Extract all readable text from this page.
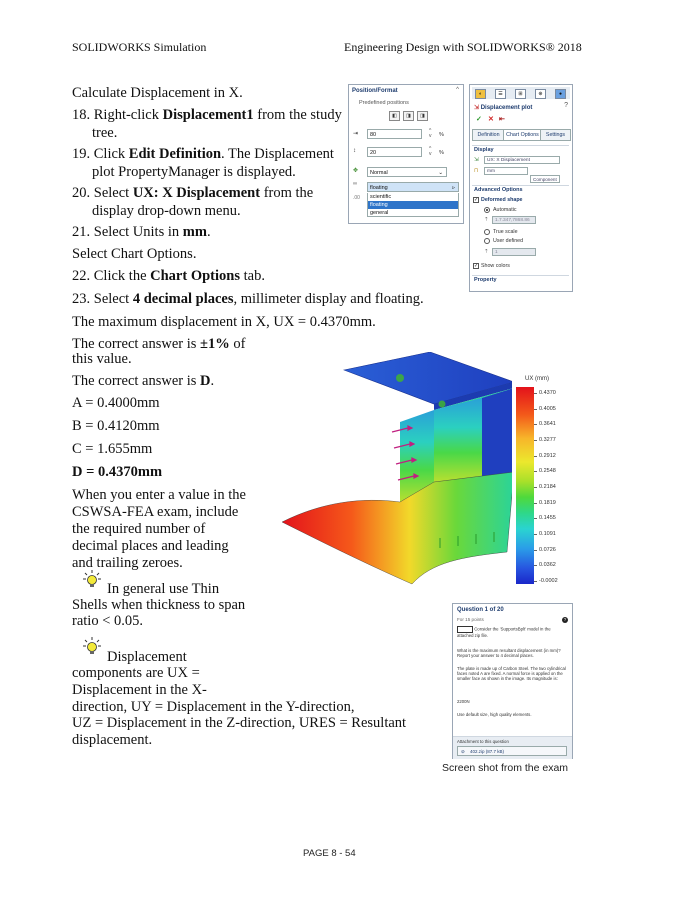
SOLIDWORKS Simulation	Engineering Design with SOLIDWORKS® 2018
Calculate Displacement in X.
18. Right-click Displacement1 from the study
tree.
19. Click Edit Definition. The Displacement
plot PropertyManager is displayed.
20. Select UX: X Displacement from the
display drop-down menu.
21. Select Units in mm.
Select Chart Options.
22. Click the Chart Options tab.
23. Select 4 decimal places, millimeter display and floating.
The maximum displacement in X, UX = 0.4370mm.
The correct answer is ±1% of
this value.
The correct answer is D.
A = 0.4000mm
B = 0.4120mm
C = 1.655mm
D = 0.4370mm
When you enter a value in the
CSWSA-FEA exam, include
the required number of
decimal places and leading
and trailing zeroes.
In general use Thin
Shells when thickness to span
ratio < 0.05.
Displacement
components are UX =
Displacement in the X-
direction, UY = Displacement in the Y-direction,
UZ = Displacement in the Z-direction, URES = Resultant
displacement.
Position/Format	^
Predefined positions
◧	◨	◨
⇥	80
^
v %
↕	20
^
v %
✥	Normal	⌄
⁰⁰	floating	▹
.00	scientific
floating
general
◐	☰	⊞	⊕	●
⇲ Displacement plot	?
✓ ✕ ⇤
Definition	Chart Options	Settings
Display
⇲	UX: X Displacement
⊓	mm
Component
Advanced Options
✓ Deformed shape
Automatic
⇡	1.7.347,7868.86
True scale
User defined
⇡	1
✓ Show colors
Property
UX (mm)
0.4370
0.4005
0.3641
0.3277
0.2912
0.2548
0.2184
0.1819
0.1455
0.1091
0.0726
0.0362
-0.0002
Question 1 of 20
For 15 points	?
Consider the 'SupportsBplt' model in the attached zip file.
What is the maximum resultant displacement (in mm)? Report your answer to 4 decimal places.
The plate is made up of Carbon Steel. The two cylindrical faces noted A are fixed. A normal force is applied on the smaller face as shown in the image. Its magnitude is:
2200N
Use default size, high quality elements.
Attachment to this question
⊘ 402.zip (87.7 kB)
Screen shot from the exam
PAGE 8 - 54
